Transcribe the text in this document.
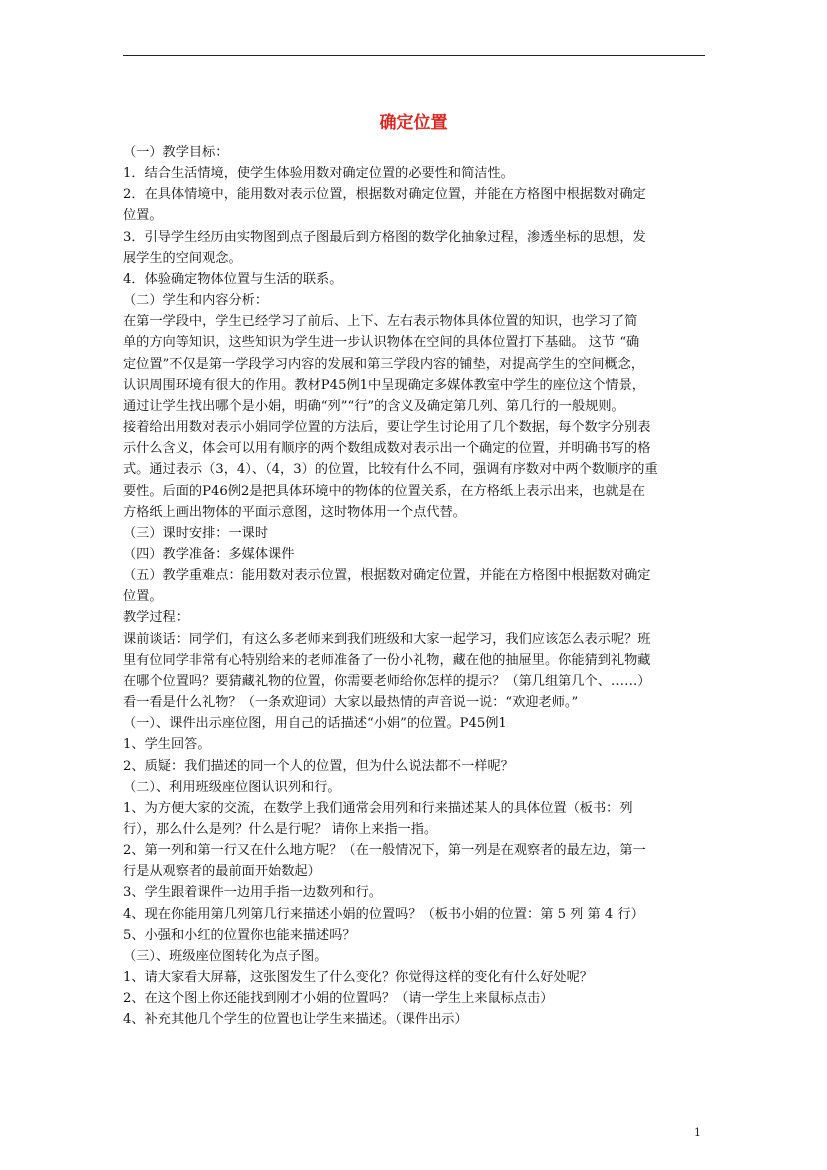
确定位置

（一）教学目标：

1．结合生活情境，使学生体验用数对确定位置的必要性和简洁性。

2．在具体情境中，能用数对表示位置，根据数对确定位置，并能在方格图中根据数对确定

位置。

3．引导学生经历由实物图到点子图最后到方格图的数学化抽象过程，渗透坐标的思想，发

展学生的空间观念。

4．体验确定物体位置与生活的联系。

（二）学生和内容分析：

在第一学段中，学生已经学习了前后、上下、左右表示物体具体位置的知识，也学习了简

单的方向等知识，这些知识为学生进一步认识物体在空间的具体位置打下基础。 这节 “确

定位置”不仅是第一学段学习内容的发展和第三学段内容的铺垫，对提高学生的空间概念，

认识周围环境有很大的作用。教材P45例1中呈现确定多媒体教室中学生的座位这个情景，

通过让学生找出哪个是小娟，明确“列”“行”的含义及确定第几列、第几行的一般规则。

接着给出用数对表示小娟同学位置的方法后，要让学生讨论用了几个数据，每个数字分别表

示什么含义，体会可以用有顺序的两个数组成数对表示出一个确定的位置，并明确书写的格

式。通过表示（3，4）、（4，3）的位置，比较有什么不同，强调有序数对中两个数顺序的重

要性。后面的P46例2是把具体环境中的物体的位置关系，在方格纸上表示出来，也就是在

方格纸上画出物体的平面示意图，这时物体用一个点代替。

（三）课时安排：一课时

（四）教学准备：多媒体课件

（五）教学重难点：能用数对表示位置，根据数对确定位置，并能在方格图中根据数对确定

位置。

教学过程：

课前谈话：同学们，有这么多老师来到我们班级和大家一起学习，我们应该怎么表示呢？班

里有位同学非常有心特别给来的老师准备了一份小礼物，藏在他的抽屉里。你能猜到礼物藏

在哪个位置吗？要猜藏礼物的位置，你需要老师给你怎样的提示？（第几组第几个、……）

看一看是什么礼物？（一条欢迎词）大家以最热情的声音说一说：“欢迎老师。”

（一）、课件出示座位图，用自己的话描述“小娟”的位置。P45例1

1、学生回答。

2、质疑：我们描述的同一个人的位置，但为什么说法都不一样呢？

（二）、利用班级座位图认识列和行。

1、为方便大家的交流，在数学上我们通常会用列和行来描述某人的具体位置（板书：列

行），那么什么是列？什么是行呢？ 请你上来指一指。

2、第一列和第一行又在什么地方呢？（在一般情况下，第一列是在观察者的最左边，第一

行是从观察者的最前面开始数起）

3、学生跟着课件一边用手指一边数列和行。

4、现在你能用第几列第几行来描述小娟的位置吗？（板书小娟的位置：第 5 列 第 4 行）

5、小强和小红的位置你也能来描述吗？

（三）、班级座位图转化为点子图。

1、请大家看大屏幕，这张图发生了什么变化？你觉得这样的变化有什么好处呢？

2、在这个图上你还能找到刚才小娟的位置吗？（请一学生上来鼠标点击）

4、补充其他几个学生的位置也让学生来描述。（课件出示）

1
